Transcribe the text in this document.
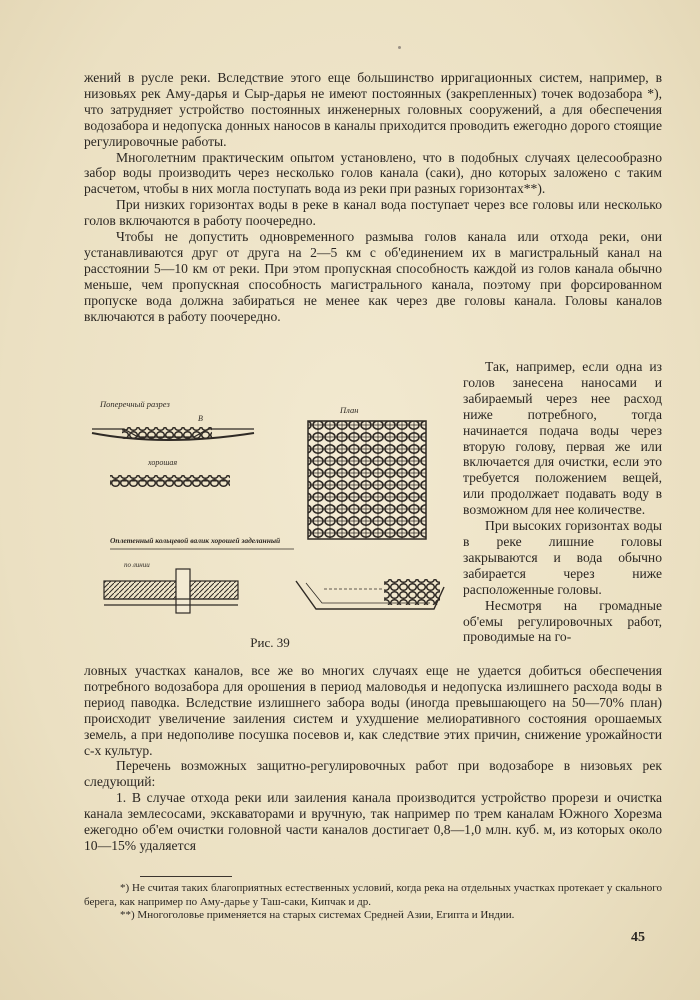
жений в русле реки. Вследствие этого еще большинство ирригационных систем, например, в низовьях рек Аму-дарья и Сыр-дарья не имеют постоянных (закрепленных) точек водозабора *), что затрудняет устройство постоянных инженерных головных сооружений, а для обеспечения водозабора и недопуска донных наносов в каналы приходится проводить ежегодно дорого стоящие регулировочные работы.

Многолетним практическим опытом установлено, что в подобных случаях целесообразно забор воды производить через несколько голов канала (саки), дно которых заложено с таким расчетом, чтобы в них могла поступать вода из реки при разных горизонтах**).

При низких горизонтах воды в реке в канал вода поступает через все головы или несколько голов включаются в работу поочередно.

Чтобы не допустить одновременного размыва голов канала или отхода реки, они устанавливаются друг от друга на 2—5 км с об'единением их в магистральный канал на расстоянии 5—10 км от реки. При этом пропускная способность каждой из голов канала обычно меньше, чем пропускная способность магистрального канала, поэтому при форсированном пропуске вода должна забираться не менее как через две головы канала. Головы каналов включаются в работу поочередно.

Поперечный разрез
В
хорошая
Оплетенный кольцевой валик хорошей заделанный
по линии
План
Рис. 39

Так, например, если одна из голов занесена наносами и забираемый через нее расход ниже потребного, тогда начинается подача воды через вторую голову, первая же или включается для очистки, если это требуется положением вещей, или продолжает подавать воду в возможном для нее количестве.

При высоких горизонтах воды в реке лишние головы закрываются и вода обычно забирается через ниже расположенные головы.

Несмотря на громадные об'емы регулировочных работ, проводимые на го-

ловных участках каналов, все же во многих случаях еще не удается добиться обеспечения потребного водозабора для орошения в период маловодья и недопуска излишнего расхода воды в период паводка. Вследствие излишнего забора воды (иногда превышающего на 50—70% план) происходит увеличение заиления систем и ухудшение мелиоративного состояния орошаемых земель, а при недополиве посушка посевов и, как следствие этих причин, снижение урожайности с-х культур.

Перечень возможных защитно-регулировочных работ при водозаборе в низовьях рек следующий:

1. В случае отхода реки или заиления канала производится устройство прорези и очистка канала землесосами, экскаваторами и вручную, так например по трем каналам Южного Хорезма ежегодно об'ем очистки головной части каналов достигает 0,8—1,0 млн. куб. м, из которых около 10—15% удаляется

*) Не считая таких благоприятных естественных условий, когда река на отдельных участках протекает у скального берега, как например по Аму-дарье у Таш-саки, Кипчак и др.

**) Многоголовье применяется на старых системах Средней Азии, Египта и Индии.

45
